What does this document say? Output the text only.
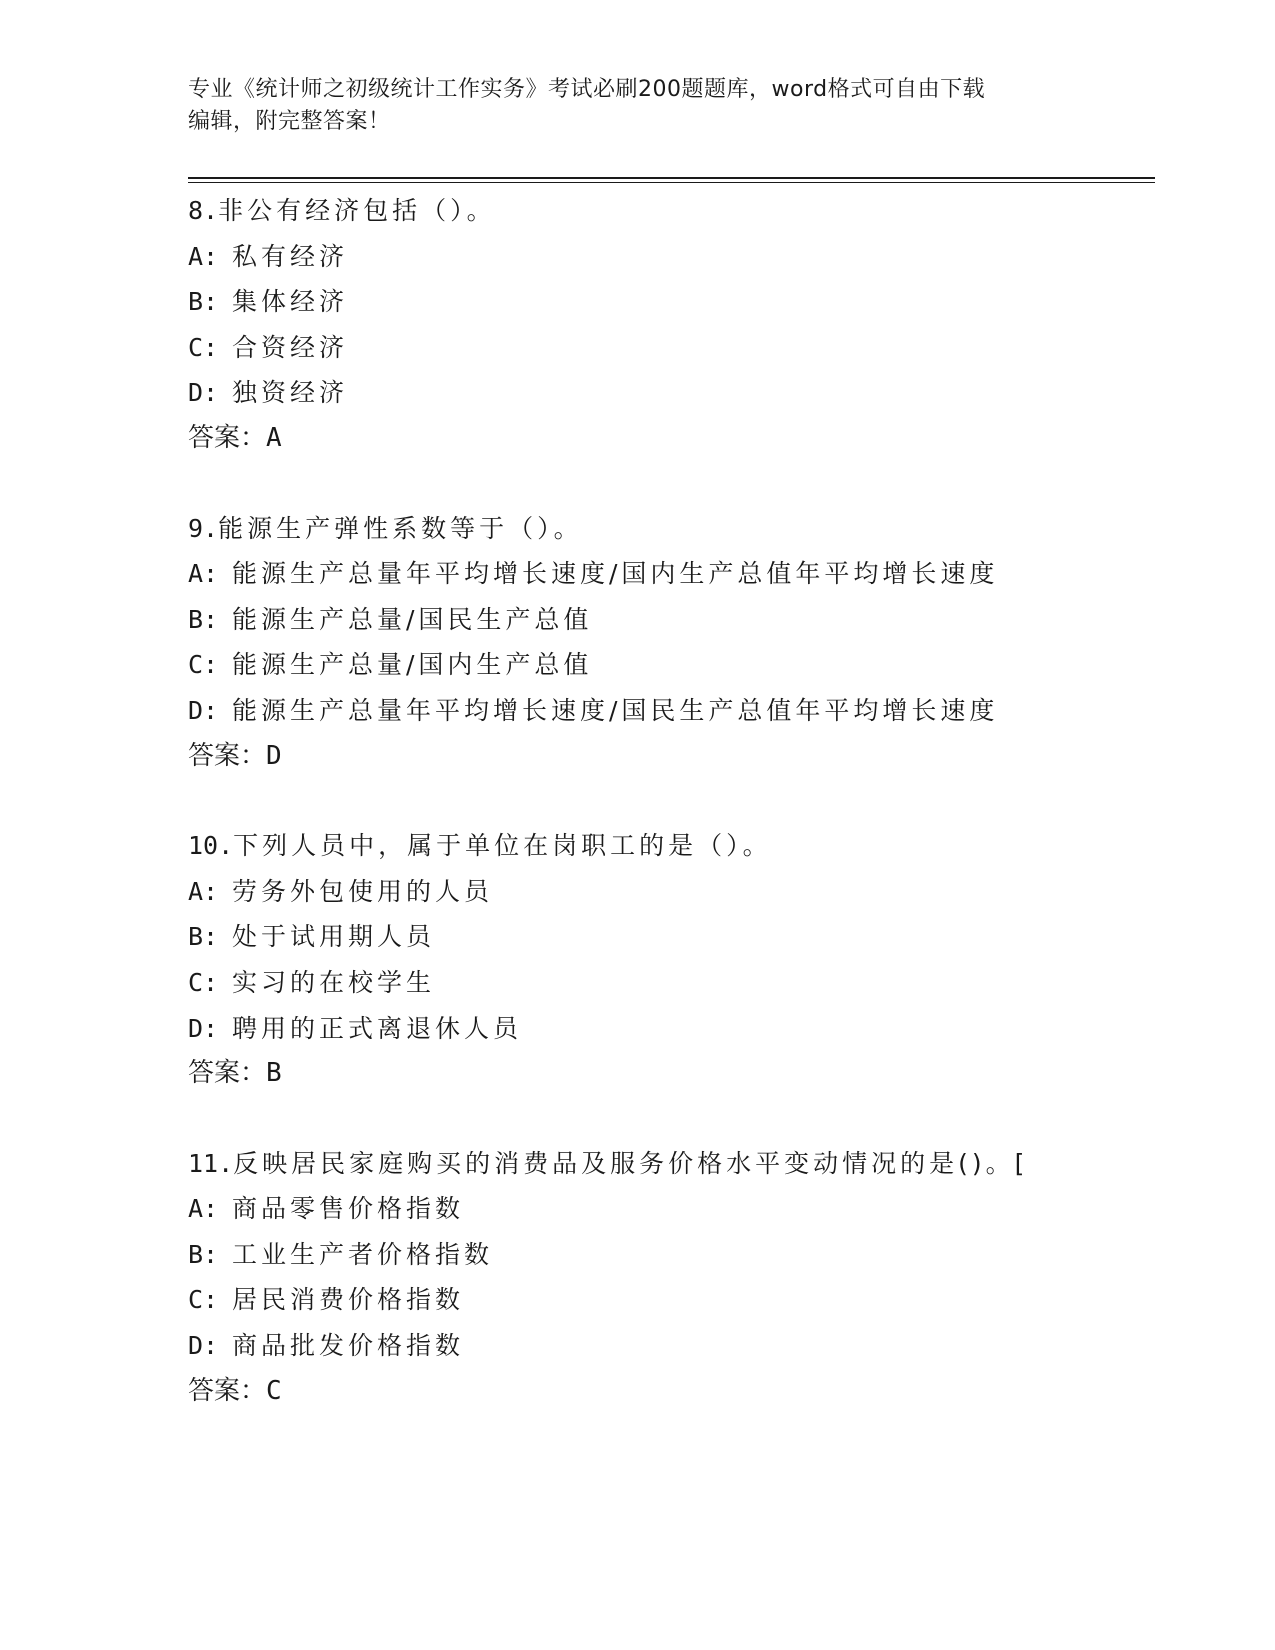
专业《统计师之初级统计工作实务》考试必刷200题题库，word格式可自由下载
编辑，附完整答案！
8.非公有经济包括（）。
A: 私有经济
B: 集体经济
C: 合资经济
D: 独资经济
答案：A
9.能源生产弹性系数等于（）。
A: 能源生产总量年平均增长速度/国内生产总值年平均增长速度
B: 能源生产总量/国民生产总值
C: 能源生产总量/国内生产总值
D: 能源生产总量年平均增长速度/国民生产总值年平均增长速度
答案：D
10.下列人员中，属于单位在岗职工的是（）。
A: 劳务外包使用的人员
B: 处于试用期人员
C: 实习的在校学生
D: 聘用的正式离退休人员
答案：B
11.反映居民家庭购买的消费品及服务价格水平变动情况的是()。[
A: 商品零售价格指数
B: 工业生产者价格指数
C: 居民消费价格指数
D: 商品批发价格指数
答案：C
